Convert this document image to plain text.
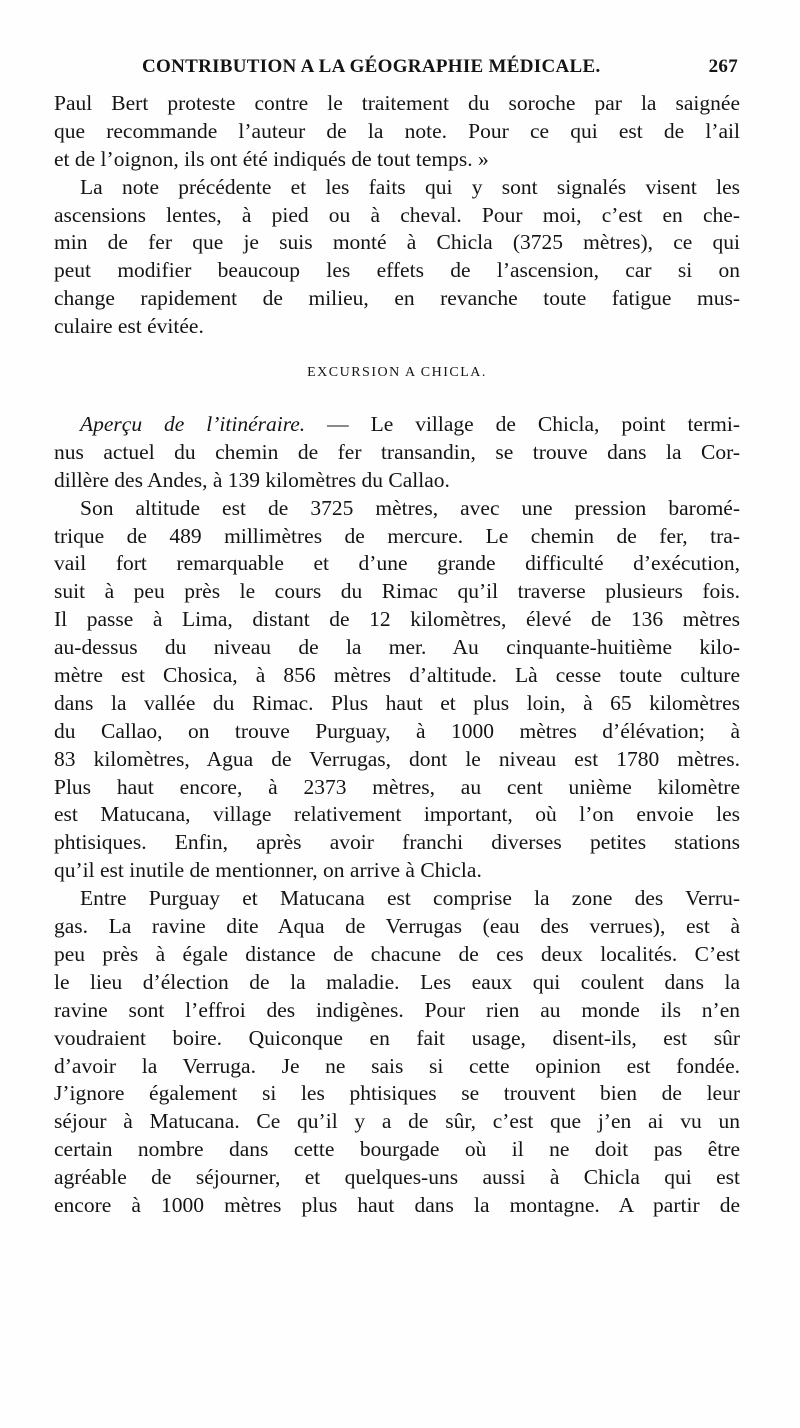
CONTRIBUTION A LA GÉOGRAPHIE MÉDICALE.	267
Paul Bert proteste contre le traitement du soroche par la saignée
que recommande l’auteur de la note. Pour ce qui est de l’ail
et de l’oignon, ils ont été indiqués de tout temps. »
La note précédente et les faits qui y sont signalés visent les
ascensions lentes, à pied ou à cheval. Pour moi, c’est en che-
min de fer que je suis monté à Chicla (3725 mètres), ce qui
peut modifier beaucoup les effets de l’ascension, car si on
change rapidement de milieu, en revanche toute fatigue mus-
culaire est évitée.
EXCURSION A CHICLA.
Aperçu de l’itinéraire. — Le village de Chicla, point termi-
nus actuel du chemin de fer transandin, se trouve dans la Cor-
dillère des Andes, à 139 kilomètres du Callao.
Son altitude est de 3725 mètres, avec une pression baromé-
trique de 489 millimètres de mercure. Le chemin de fer, tra-
vail fort remarquable et d’une grande difficulté d’exécution,
suit à peu près le cours du Rimac qu’il traverse plusieurs fois.
Il passe à Lima, distant de 12 kilomètres, élevé de 136 mètres
au-dessus du niveau de la mer. Au cinquante-huitième kilo-
mètre est Chosica, à 856 mètres d’altitude. Là cesse toute culture
dans la vallée du Rimac. Plus haut et plus loin, à 65 kilomètres
du Callao, on trouve Purguay, à 1000 mètres d’élévation; à
83 kilomètres, Agua de Verrugas, dont le niveau est 1780 mètres.
Plus haut encore, à 2373 mètres, au cent unième kilomètre
est Matucana, village relativement important, où l’on envoie les
phtisiques. Enfin, après avoir franchi diverses petites stations
qu’il est inutile de mentionner, on arrive à Chicla.
Entre Purguay et Matucana est comprise la zone des Verru-
gas. La ravine dite Aqua de Verrugas (eau des verrues), est à
peu près à égale distance de chacune de ces deux localités. C’est
le lieu d’élection de la maladie. Les eaux qui coulent dans la
ravine sont l’effroi des indigènes. Pour rien au monde ils n’en
voudraient boire. Quiconque en fait usage, disent-ils, est sûr
d’avoir la Verruga. Je ne sais si cette opinion est fondée.
J’ignore également si les phtisiques se trouvent bien de leur
séjour à Matucana. Ce qu’il y a de sûr, c’est que j’en ai vu un
certain nombre dans cette bourgade où il ne doit pas être
agréable de séjourner, et quelques-uns aussi à Chicla qui est
encore à 1000 mètres plus haut dans la montagne. A partir de
